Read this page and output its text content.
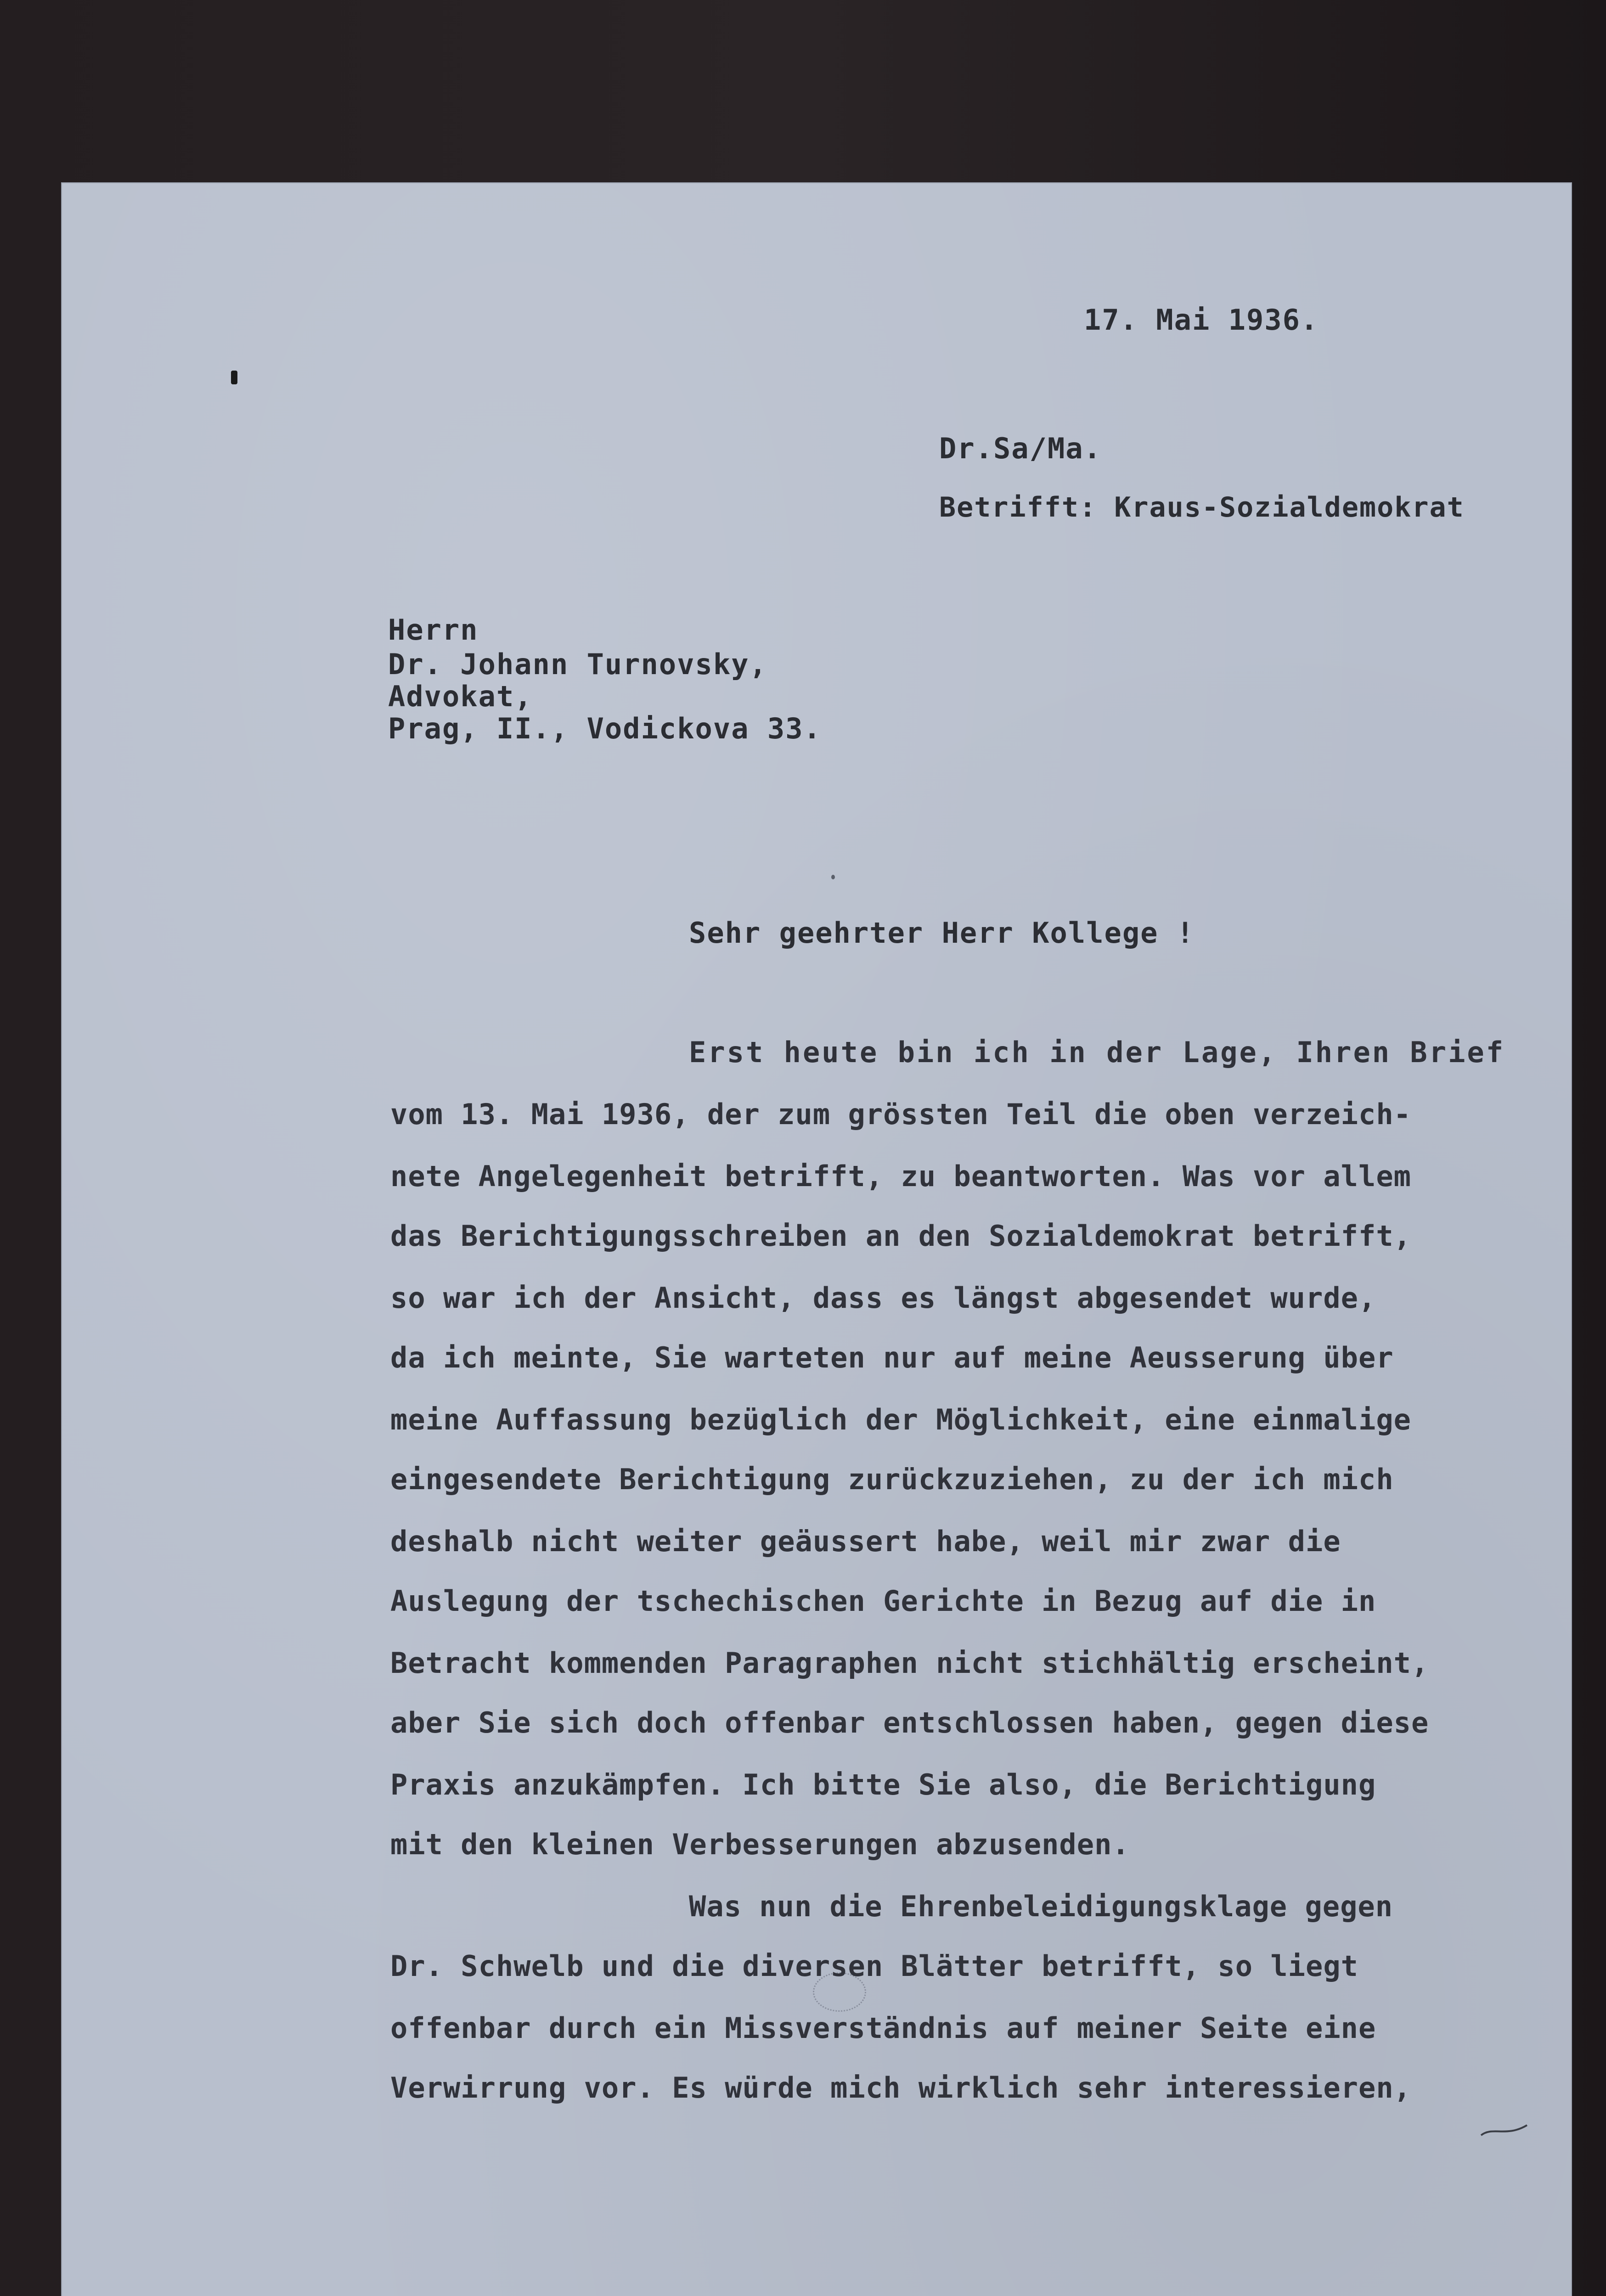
17. Mai 1936.

Dr.Sa/Ma.

Betrifft: Kraus-Sozialdemokrat

Herrn

Dr. Johann Turnovsky,

Advokat,

Prag, II., Vodickova 33.

Sehr geehrter Herr Kollege !

Erst heute bin ich in der Lage, Ihren Brief

vom 13. Mai 1936, der zum grössten Teil die oben verzeich-

nete Angelegenheit betrifft, zu beantworten. Was vor allem

das Berichtigungsschreiben an den Sozialdemokrat betrifft,

so war ich der Ansicht, dass es längst abgesendet wurde,

da ich meinte, Sie warteten nur auf meine Aeusserung über

meine Auffassung bezüglich der Möglichkeit, eine einmalige

eingesendete Berichtigung zurückzuziehen, zu der ich mich

deshalb nicht weiter geäussert habe, weil mir zwar die

Auslegung der tschechischen Gerichte in Bezug auf die in

Betracht kommenden Paragraphen nicht stichhältig erscheint,

aber Sie sich doch offenbar entschlossen haben, gegen diese

Praxis anzukämpfen. Ich bitte Sie also, die Berichtigung

mit den kleinen Verbesserungen abzusenden.

Was nun die Ehrenbeleidigungsklage gegen

Dr. Schwelb und die diversen Blätter betrifft, so liegt

offenbar durch ein Missverständnis auf meiner Seite eine

Verwirrung vor. Es würde mich wirklich sehr interessieren,
